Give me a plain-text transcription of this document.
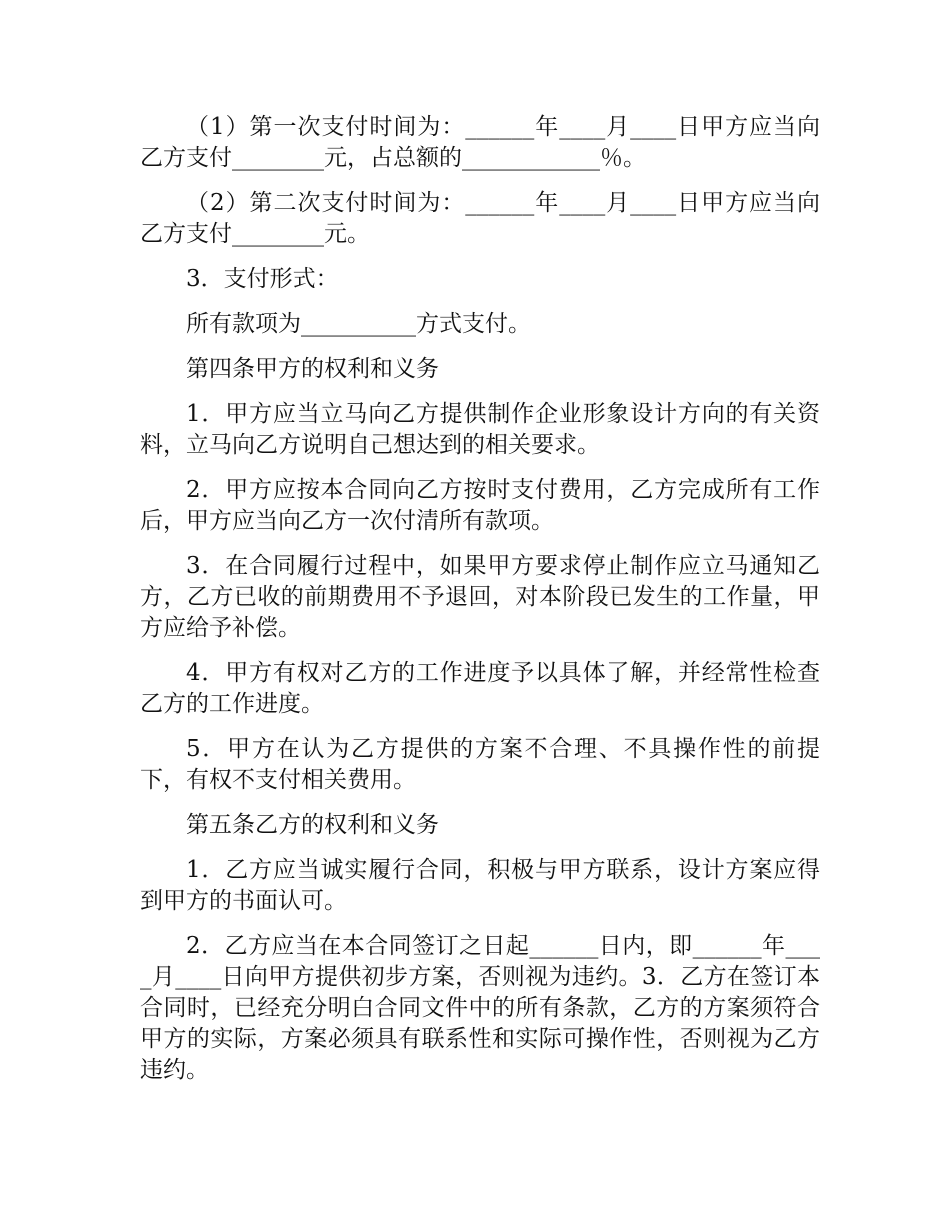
（1）第一次支付时间为：______年____月____日甲方应当向乙方支付________元，占总额的____________％。

（2）第二次支付时间为：______年____月____日甲方应当向乙方支付________元。

3．支付形式：

所有款项为__________方式支付。

第四条甲方的权利和义务

1．甲方应当立马向乙方提供制作企业形象设计方向的有关资料，立马向乙方说明自己想达到的相关要求。

2．甲方应按本合同向乙方按时支付费用，乙方完成所有工作后，甲方应当向乙方一次付清所有款项。

3．在合同履行过程中，如果甲方要求停止制作应立马通知乙方，乙方已收的前期费用不予退回，对本阶段已发生的工作量，甲方应给予补偿。

4．甲方有权对乙方的工作进度予以具体了解，并经常性检查乙方的工作进度。

5．甲方在认为乙方提供的方案不合理、不具操作性的前提下，有权不支付相关费用。

第五条乙方的权利和义务

1．乙方应当诚实履行合同，积极与甲方联系，设计方案应得到甲方的书面认可。

2．乙方应当在本合同签订之日起______日内，即______年____月____日向甲方提供初步方案，否则视为违约。3．乙方在签订本合同时，已经充分明白合同文件中的所有条款，乙方的方案须符合甲方的实际，方案必须具有联系性和实际可操作性，否则视为乙方违约。
